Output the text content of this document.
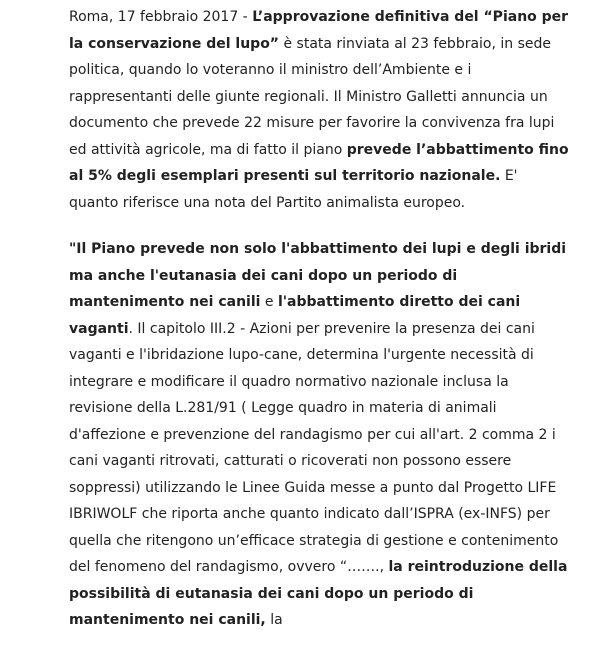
Roma, 17 febbraio 2017 - L’approvazione definitiva del “Piano per la conservazione del lupo” è stata rinviata al 23 febbraio, in sede politica, quando lo voteranno il ministro dell’Ambiente e i rappresentanti delle giunte regionali. Il Ministro Galletti annuncia un documento che prevede 22 misure per favorire la convivenza fra lupi ed attività agricole, ma di fatto il piano prevede l’abbattimento fino al 5% degli esemplari presenti sul territorio nazionale. E' quanto riferisce una nota del Partito animalista europeo.

"Il Piano prevede non solo l'abbattimento dei lupi e degli ibridi ma anche l'eutanasia dei cani dopo un periodo di mantenimento nei canili e l'abbattimento diretto dei cani vaganti. Il capitolo III.2 - Azioni per prevenire la presenza dei cani vaganti e l'ibridazione lupo-cane, determina l'urgente necessità di integrare e modificare il quadro normativo nazionale inclusa la revisione della L.281/91 ( Legge quadro in materia di animali d'affezione e prevenzione del randagismo per cui all'art. 2 comma 2 i cani vaganti ritrovati, catturati o ricoverati non possono essere soppressi) utilizzando le Linee Guida messe a punto dal Progetto LIFE IBRIWOLF che riporta anche quanto indicato dall’ISPRA (ex-INFS) per quella che ritengono un’efficace strategia di gestione e contenimento del fenomeno del randagismo, ovvero “……., la reintroduzione della possibilità di eutanasia dei cani dopo un periodo di mantenimento nei canili, la
